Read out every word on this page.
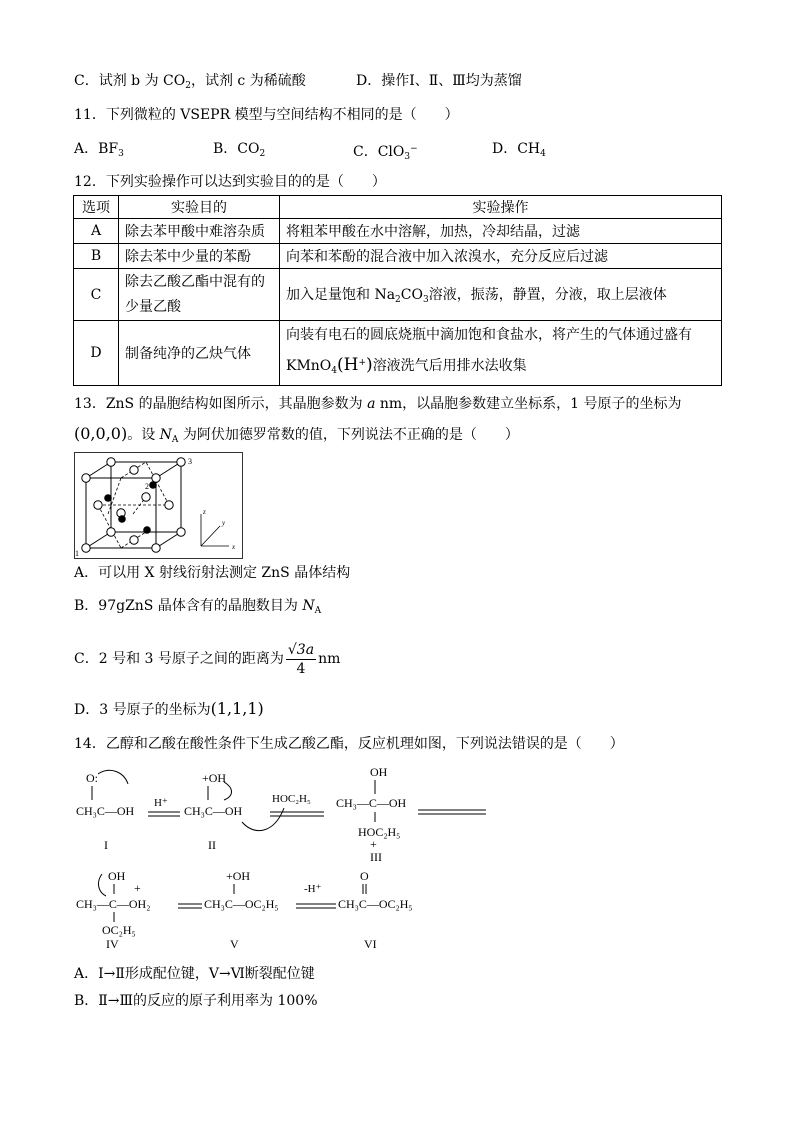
C．试剂 b 为 $CO_2$，试剂 c 为稀硫酸	D．操作Ⅰ、Ⅱ、Ⅲ均为蒸馏
11．下列微粒的 VSEPR 模型与空间结构不相同的是（　　）
A．$BF_3$	B．$CO_2$	C．ClO$_3$−	D．$CH_4$
12．下列实验操作可以达到实验目的的是（　　）
选项	实验目的	实验操作
A	除去苯甲酸中难溶杂质	将粗苯甲酸在水中溶解，加热，冷却结晶，过滤
B	除去苯中少量的苯酚	向苯和苯酚的混合液中加入浓溴水，充分反应后过滤
C	除去乙酸乙酯中混有的少量乙酸	加入足量饱和 $Na_2CO_3$溶液，振荡，静置，分液，取上层液体
D	制备纯净的乙炔气体	向装有电石的圆底烧瓶中滴加饱和食盐水，将产生的气体通过盛有
KMnO$_4$(H+)溶液洗气后用排水法收集
13．ZnS 的晶胞结构如图所示，其晶胞参数为 a nm，以晶胞参数建立坐标系，1 号原子的坐标为
(0,0,0)。设 $N_A$ 为阿伏加德罗常数的值，下列说法不正确的是（　　）
1
2
3
x
y
z
A．可以用 X 射线衍射法测定 ZnS 晶体结构
B．97gZnS 晶体含有的晶胞数目为 $N_A$
C．2 号和 3 号原子之间的距离为 $\frac{√3a}{4}$ nm
D．3 号原子的坐标为(1,1,1)
14．乙醇和乙酸在酸性条件下生成乙酸乙酯，反应机理如图，下列说法错误的是（　　）
O:
CH₃C—OH
I
H⁺
+OH
CH₃C—OH
II
HOC₂H₅
OH
CH₃—C—OH
HOC₂H₅
+
III
OH
+
CH₃—C—OH₂
OC₂H₅
IV
+OH
CH₃C—OC₂H₅
V
-H⁺
O
CH₃C—OC₂H₅
VI
A．Ⅰ→Ⅱ形成配位键，Ⅴ→Ⅵ断裂配位键
B．Ⅱ→Ⅲ的反应的原子利用率为 100%
